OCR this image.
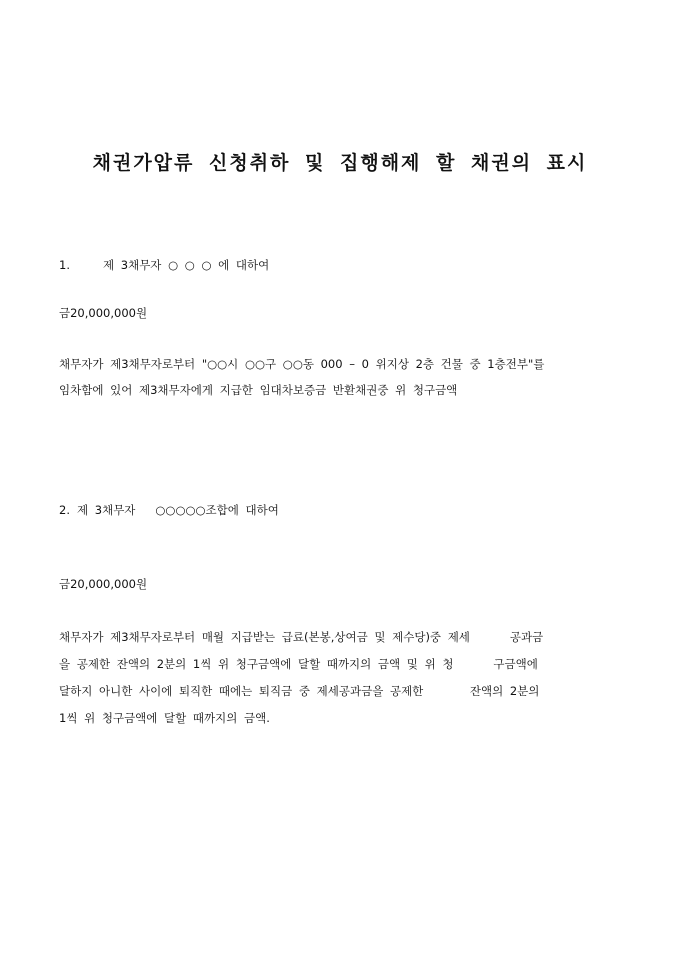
채권가압류 신청취하 및 집행해제 할 채권의 표시
1.	제 3채무자 ○ ○ ○ 에 대하여
금20,000,000원
채무자가 제3채무자로부터 "○○시 ○○구 ○○동 000 – 0 위지상 2층 건물 중 1층전부"를
임차함에 있어 제3채무자에게 지급한 임대차보증금 반환채권중 위 청구금액
2. 제 3채무자   ○○○○○조합에 대하여
금20,000,000원
채무자가 제3채무자로부터 매월 지급받는 급료(본봉,상여금 및 제수당)중 제세      공과금
을 공제한 잔액의 2분의 1씩 위 청구금액에 달할 때까지의 금액 및 위 청      구금액에
달하지 아니한 사이에 퇴직한 때에는 퇴직금 중 제세공과금을 공제한       잔액의 2분의
1씩 위 청구금액에 달할 때까지의 금액.
